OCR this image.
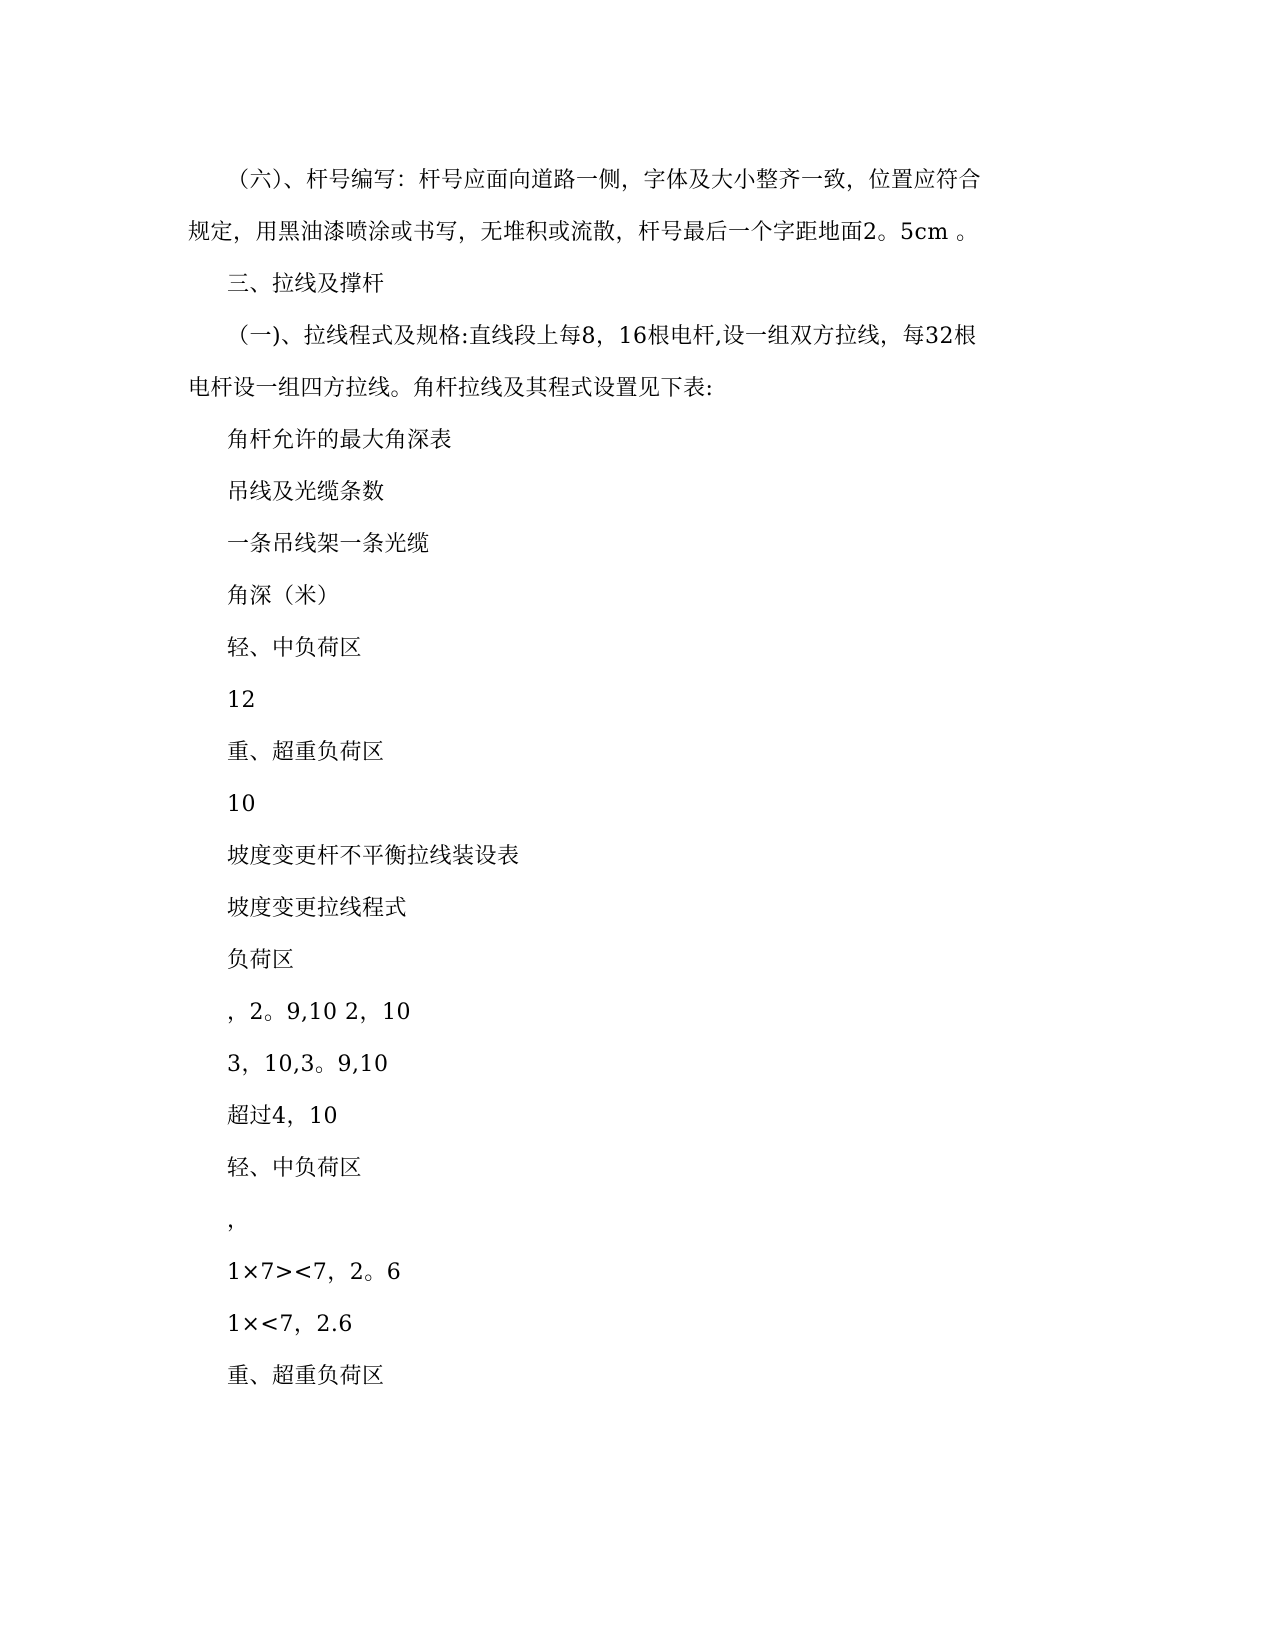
（六）、杆号编写：杆号应面向道路一侧，字体及大小整齐一致，位置应符合
规定，用黑油漆喷涂或书写，无堆积或流散，杆号最后一个字距地面2。5cm 。
三、拉线及撑杆
（一)、拉线程式及规格:直线段上每8，16根电杆,设一组双方拉线，每32根
电杆设一组四方拉线。角杆拉线及其程式设置见下表:
角杆允许的最大角深表
吊线及光缆条数
一条吊线架一条光缆
角深（米）
轻、中负荷区
12
重、超重负荷区
10
坡度变更杆不平衡拉线装设表
坡度变更拉线程式
负荷区
，2。9,10 2，10
3，10,3。9,10
超过4，10
轻、中负荷区
，
1×7><7，2。6
1×<7，2.6
重、超重负荷区
